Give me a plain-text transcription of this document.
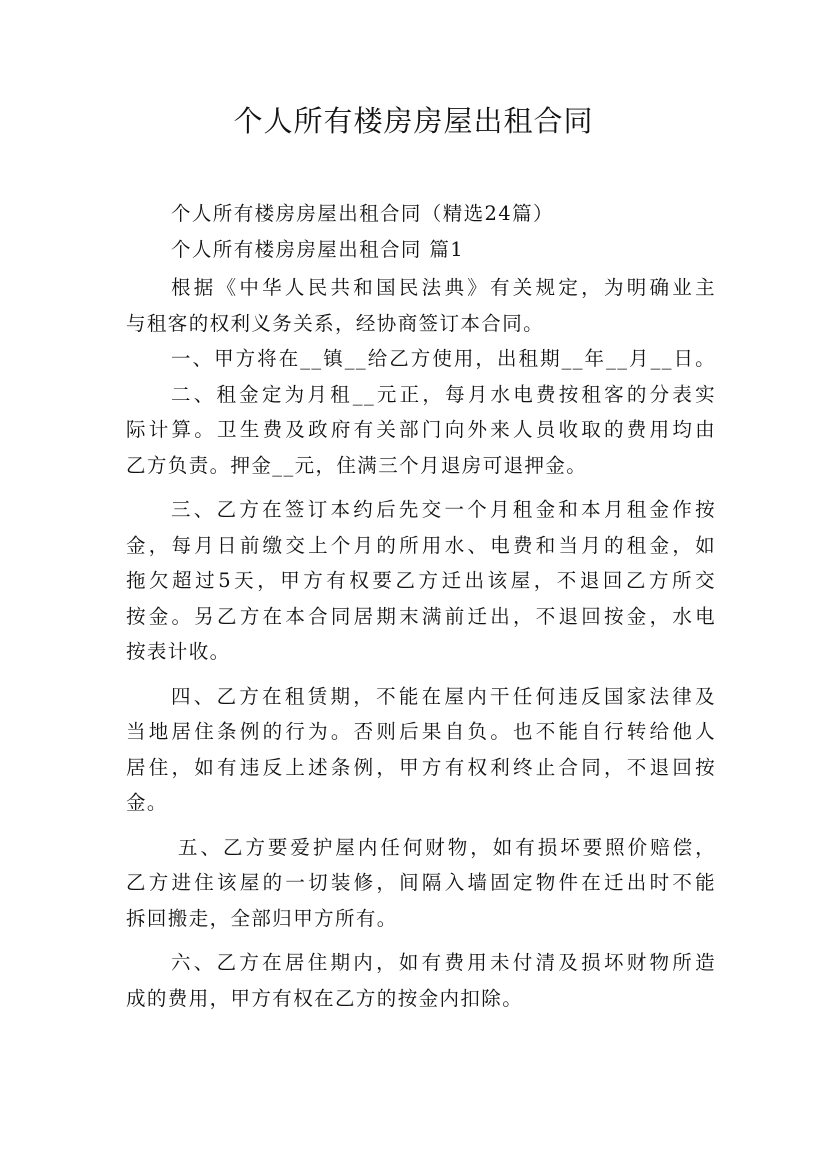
个人所有楼房房屋出租合同
个人所有楼房房屋出租合同（精选24篇）
个人所有楼房房屋出租合同 篇1
根据《中华人民共和国民法典》有关规定，为明确业主
与租客的权利义务关系，经协商签订本合同。
一、甲方将在__镇__给乙方使用，出租期__年__月__日。
二、租金定为月租__元正，每月水电费按租客的分表实
际计算。卫生费及政府有关部门向外来人员收取的费用均由
乙方负责。押金__元，住满三个月退房可退押金。
三、乙方在签订本约后先交一个月租金和本月租金作按
金，每月日前缴交上个月的所用水、电费和当月的租金，如
拖欠超过5天，甲方有权要乙方迁出该屋，不退回乙方所交
按金。另乙方在本合同居期末满前迁出，不退回按金，水电
按表计收。
四、乙方在租赁期，不能在屋内干任何违反国家法律及
当地居住条例的行为。否则后果自负。也不能自行转给他人
居住，如有违反上述条例，甲方有权利终止合同，不退回按
金。
五、乙方要爱护屋内任何财物，如有损坏要照价赔偿，
乙方进住该屋的一切装修，间隔入墙固定物件在迁出时不能
拆回搬走，全部归甲方所有。
六、乙方在居住期内，如有费用未付清及损坏财物所造
成的费用，甲方有权在乙方的按金内扣除。
